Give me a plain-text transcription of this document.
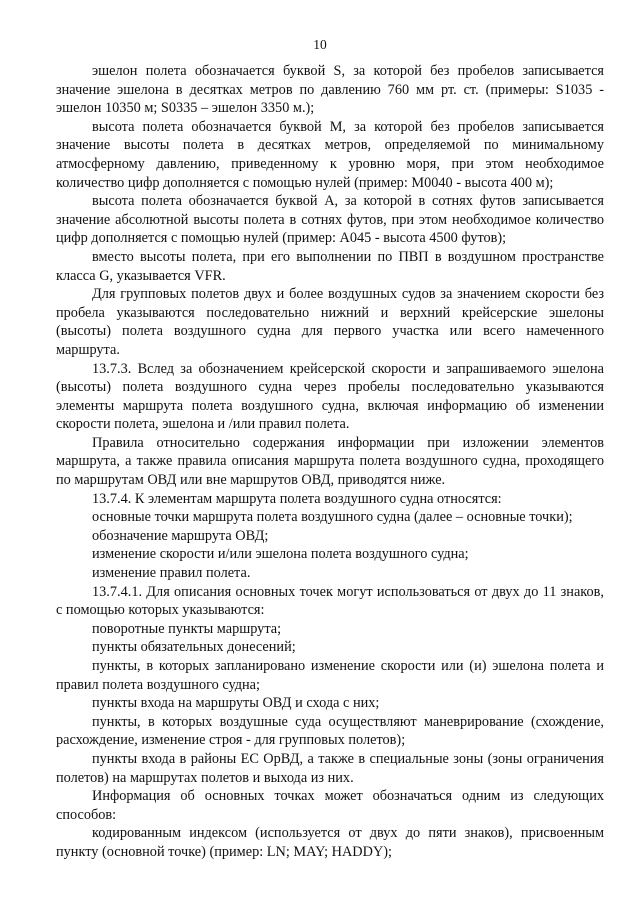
10

эшелон полета обозначается буквой S, за которой без пробелов записывается значение эшелона в десятках метров по давлению 760 мм рт. ст. (примеры: S1035 - эшелон 10350 м; S0335 – эшелон 3350 м.);

высота полета обозначается буквой М, за которой без пробелов записывается значение высоты полета в десятках метров, определяемой по минимальному атмосферному давлению, приведенному к уровню моря, при этом необходимое количество цифр дополняется с помощью нулей (пример: M0040 - высота 400 м);

высота полета обозначается буквой А, за которой в сотнях футов записывается значение абсолютной высоты полета в сотнях футов, при этом необходимое количество цифр дополняется с помощью нулей (пример: А045 - высота 4500 футов);

вместо высоты полета, при его выполнении по ПВП в воздушном пространстве класса G, указывается VFR.

Для групповых полетов двух и более воздушных судов за значением скорости без пробела указываются последовательно нижний и верхний крейсерские эшелоны (высоты) полета воздушного судна для первого участка или всего намеченного маршрута.

13.7.3. Вслед за обозначением крейсерской скорости и запрашиваемого эшелона (высоты) полета воздушного судна через пробелы последовательно указываются элементы маршрута полета воздушного судна, включая информацию об изменении скорости полета, эшелона и /или правил полета.

Правила относительно содержания информации при изложении элементов маршрута, а также правила описания маршрута полета воздушного судна, проходящего по маршрутам ОВД или вне маршрутов ОВД, приводятся ниже.

13.7.4. К элементам маршрута полета воздушного судна относятся:

основные точки маршрута полета воздушного судна (далее – основные точки);

обозначение маршрута ОВД;

изменение скорости и/или эшелона полета воздушного судна;

изменение правил полета.

13.7.4.1. Для описания основных точек могут использоваться от двух до 11 знаков, с помощью которых указываются:

поворотные пункты маршрута;

пункты обязательных донесений;

пункты, в которых запланировано изменение скорости или (и) эшелона полета и правил полета воздушного судна;

пункты входа на маршруты ОВД и схода с них;

пункты, в которых воздушные суда осуществляют маневрирование (схождение, расхождение, изменение строя - для групповых полетов);

пункты входа в районы ЕС ОрВД, а также в специальные зоны (зоны ограничения полетов) на маршрутах полетов и выхода из них.

Информация об основных точках может обозначаться одним из следующих способов:

кодированным индексом (используется от двух до пяти знаков), присвоенным пункту (основной точке) (пример: LN; MAY; HADDY);
